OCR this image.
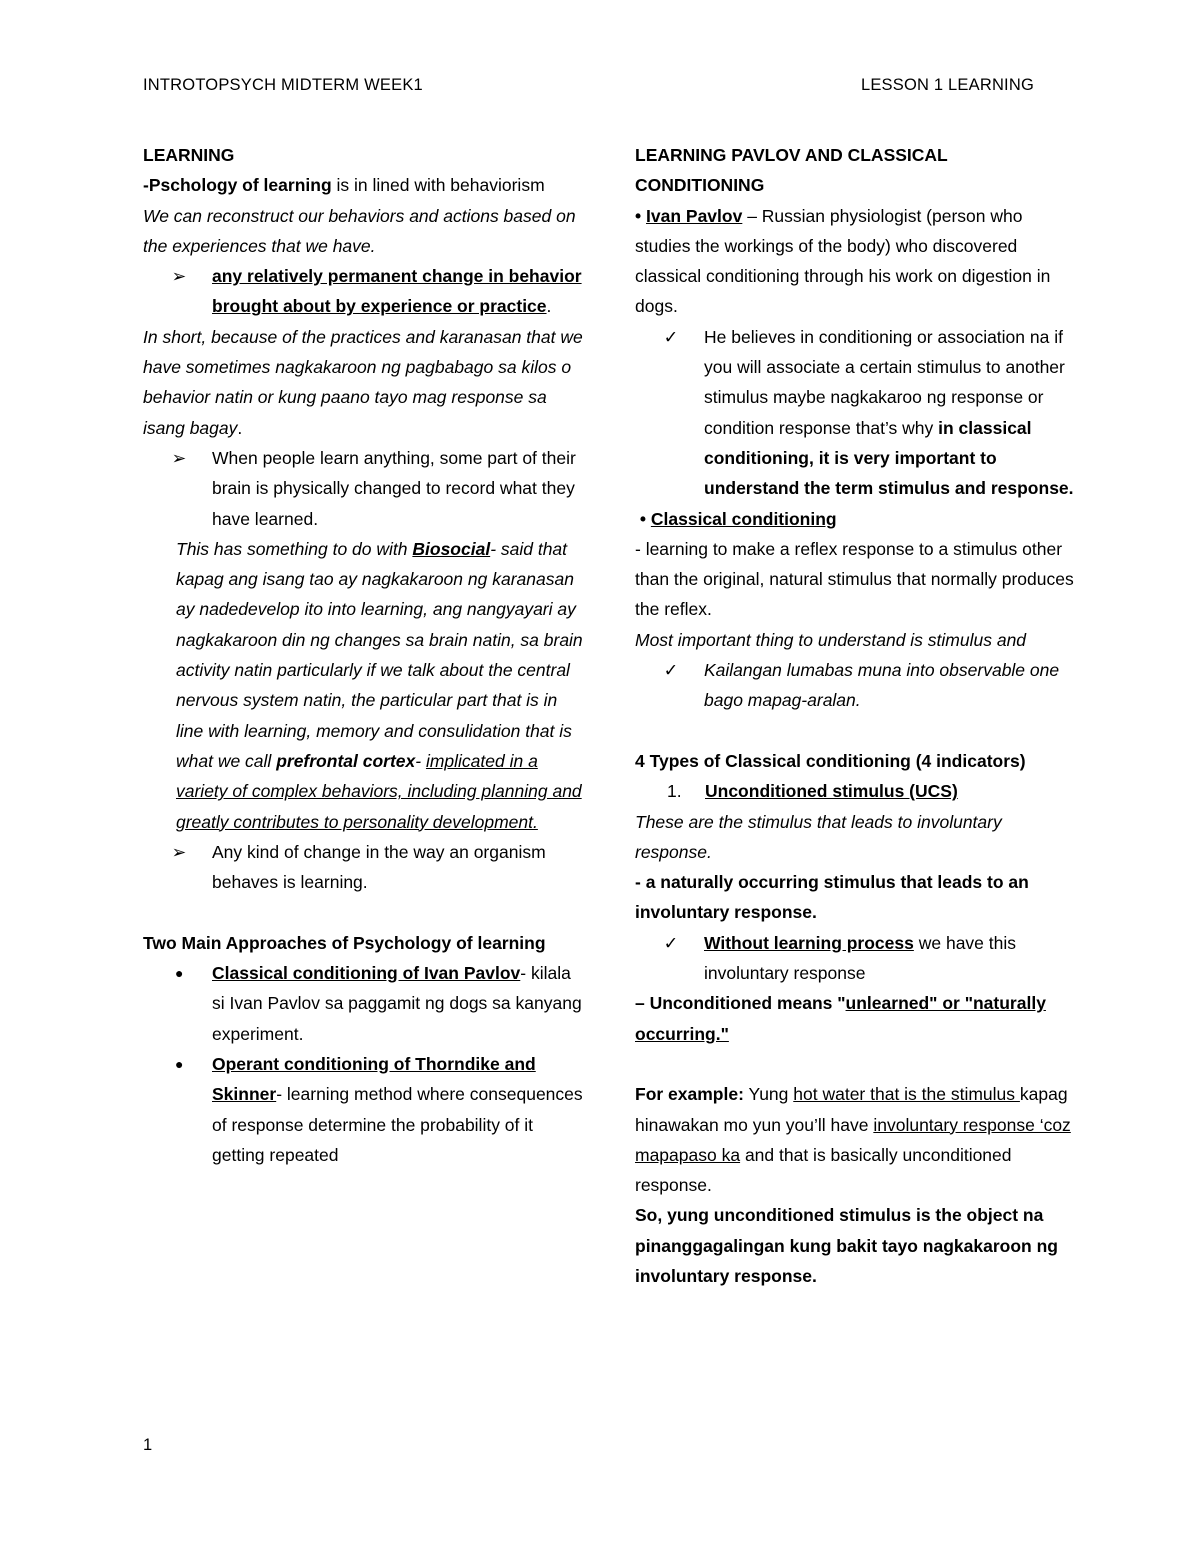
INTROTOPSYCH MIDTERM WEEK1	LESSON 1 LEARNING

LEARNING

-Pschology of learning is in lined with behaviorism

We can reconstruct our behaviors and actions based on the experiences that we have.

➢ any relatively permanent change in behavior brought about by experience or practice.

In short, because of the practices and karanasan that we have sometimes nagkakaroon ng pagbabago sa kilos o behavior natin or kung paano tayo mag response sa isang bagay.

➢ When people learn anything, some part of their brain is physically changed to record what they have learned.

This has something to do with Biosocial- said that kapag ang isang tao ay nagkakaroon ng karanasan ay nadedevelop ito into learning, ang nangyayari ay nagkakaroon din ng changes sa brain natin, sa brain activity natin particularly if we talk about the central nervous system natin, the particular part that is in line with learning, memory and consulidation that is what we call prefrontal cortex- implicated in a variety of complex behaviors, including planning and greatly contributes to personality development.

➢ Any kind of change in the way an organism behaves is learning.

Two Main Approaches of Psychology of learning

● Classical conditioning of Ivan Pavlov- kilala si Ivan Pavlov sa paggamit ng dogs sa kanyang experiment.
● Operant conditioning of Thorndike and Skinner- learning method where consequences of response determine the probability of it getting repeated

LEARNING PAVLOV AND CLASSICAL CONDITIONING

• Ivan Pavlov – Russian physiologist (person who studies the workings of the body) who discovered classical conditioning through his work on digestion in dogs.

✓ He believes in conditioning or association na if you will associate a certain stimulus to another stimulus maybe nagkakaroo ng response or condition response that’s why in classical conditioning, it is very important to understand the term stimulus and response.

• Classical conditioning

- learning to make a reflex response to a stimulus other than the original, natural stimulus that normally produces the reflex.

Most important thing to understand is stimulus and

✓ Kailangan lumabas muna into observable one bago mapag-aralan.

4 Types of Classical conditioning (4 indicators)

1. Unconditioned stimulus (UCS)

These are the stimulus that leads to involuntary response.

- a naturally occurring stimulus that leads to an involuntary response.

✓ Without learning process we have this involuntary response

– Unconditioned means "unlearned" or "naturally occurring."

For example: Yung hot water that is the stimulus kapag hinawakan mo yun you’ll have involuntary response ‘coz mapapaso ka and that is basically unconditioned response.

So, yung unconditioned stimulus is the object na pinanggagalingan kung bakit tayo nagkakaroon ng involuntary response.

1
